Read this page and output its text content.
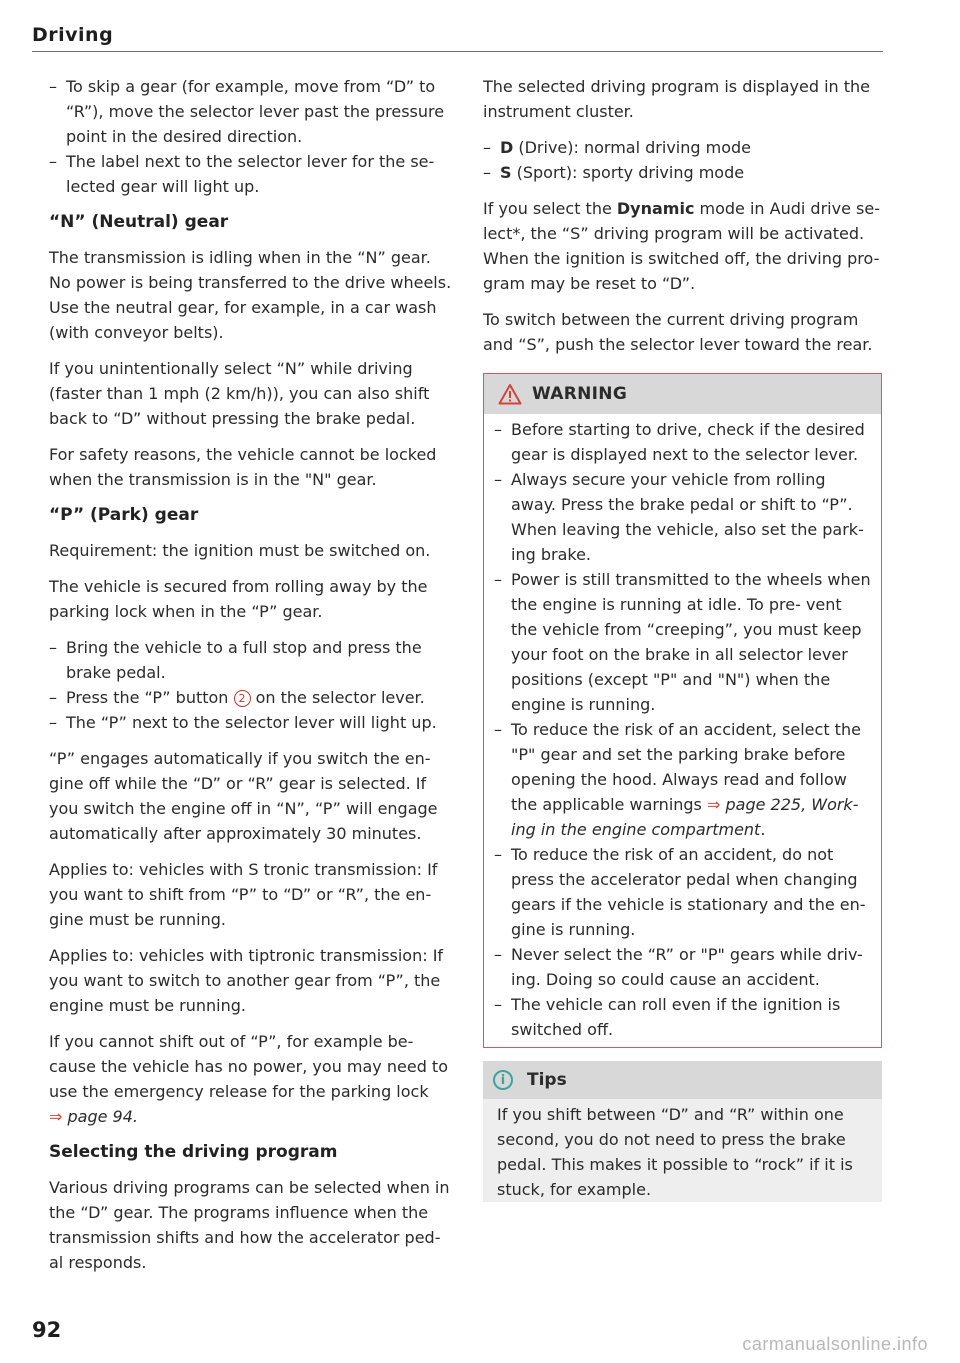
Driving
– To skip a gear (for example, move from “D” to “R”), move the selector lever past the pressure point in the desired direction.
– The label next to the selector lever for the se- lected gear will light up.
“N” (Neutral) gear

The transmission is idling when in the “N” gear. No power is being transferred to the drive wheels. Use the neutral gear, for example, in a car wash (with conveyor belts).

If you unintentionally select “N” while driving (faster than 1 mph (2 km/h)), you can also shift back to “D” without pressing the brake pedal.

For safety reasons, the vehicle cannot be locked when the transmission is in the "N" gear.

“P” (Park) gear

Requirement: the ignition must be switched on.

The vehicle is secured from rolling away by the parking lock when in the “P” gear.

– Bring the vehicle to a full stop and press the brake pedal.
– Press the “P” button 2 on the selector lever.
– The “P” next to the selector lever will light up.

“P” engages automatically if you switch the en- gine off while the “D” or “R” gear is selected. If you switch the engine off in “N”, “P” will engage automatically after approximately 30 minutes.

Applies to: vehicles with S tronic transmission: If you want to shift from “P” to “D” or “R”, the en- gine must be running.

Applies to: vehicles with tiptronic transmission: If you want to switch to another gear from “P”, the engine must be running.

If you cannot shift out of “P”, for example be- cause the vehicle has no power, you may need to use the emergency release for the parking lock
⇒ page 94.

Selecting the driving program

Various driving programs can be selected when in the “D” gear. The programs influence when the transmission shifts and how the accelerator ped- al responds.

The selected driving program is displayed in the instrument cluster.

– D (Drive): normal driving mode
– S (Sport): sporty driving mode

If you select the Dynamic mode in Audi drive se- lect*, the “S” driving program will be activated. When the ignition is switched off, the driving pro- gram may be reset to “D”.

To switch between the current driving program and “S”, push the selector lever toward the rear.

WARNING
– Before starting to drive, check if the desired gear is displayed next to the selector lever.
– Always secure your vehicle from rolling away. Press the brake pedal or shift to “P”. When leaving the vehicle, also set the park- ing brake.
– Power is still transmitted to the wheels when the engine is running at idle. To pre- vent the vehicle from “creeping”, you must keep your foot on the brake in all selector lever positions (except "P" and "N") when the engine is running.
– To reduce the risk of an accident, select the "P" gear and set the parking brake before opening the hood. Always read and follow the applicable warnings ⇒ page 225, Work- ing in the engine compartment.
– To reduce the risk of an accident, do not press the accelerator pedal when changing gears if the vehicle is stationary and the en- gine is running.
– Never select the “R” or "P" gears while driv- ing. Doing so could cause an accident.
– The vehicle can roll even if the ignition is switched off.
i	Tips
If you shift between “D” and “R” within one second, you do not need to press the brake pedal. This makes it possible to “rock” if it is stuck, for example.
92
carmanualsonline.info
